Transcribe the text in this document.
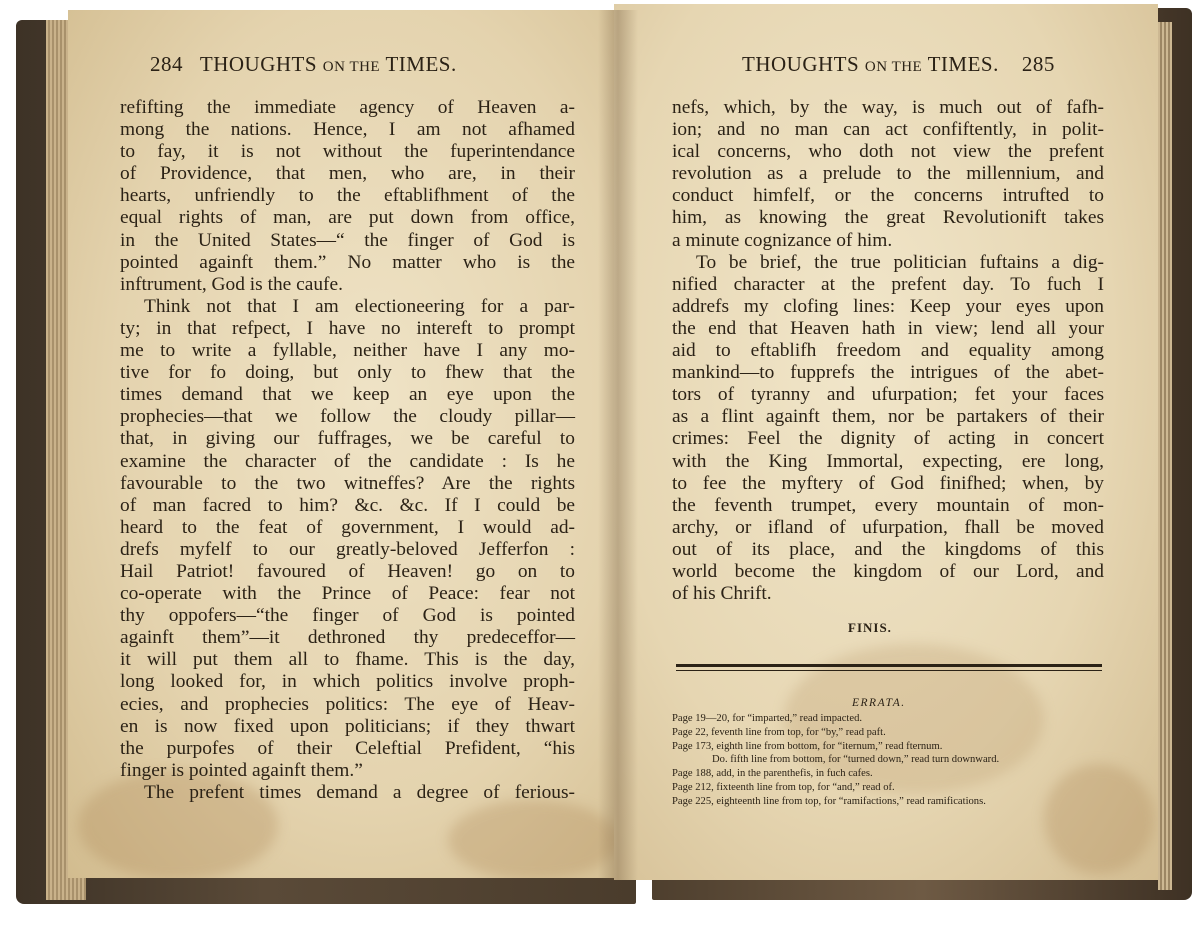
284 THOUGHTS ON THE TIMES.	THOUGHTS ON THE TIMES. 285
refifting the immediate agency of Heaven a-
mong the nations. Hence, I am not afhamed
to fay, it is not without the fuperintendance
of Providence, that men, who are, in their
hearts, unfriendly to the eftablifhment of the
equal rights of man, are put down from office,
in the United States—“ the finger of God is
pointed againft them.” No matter who is the
inftrument, God is the caufe.
Think not that I am electioneering for a par-
ty; in that refpect, I have no intereft to prompt
me to write a fyllable, neither have I any mo-
tive for fo doing, but only to fhew that the
times demand that we keep an eye upon the
prophecies—that we follow the cloudy pillar—
that, in giving our fuffrages, we be careful to
examine the character of the candidate : Is he
favourable to the two witneffes? Are the rights
of man facred to him? &c. &c. If I could be
heard to the feat of government, I would ad-
drefs myfelf to our greatly-beloved Jefferfon :
Hail Patriot! favoured of Heaven! go on to
co-operate with the Prince of Peace: fear not
thy oppofers—“the finger of God is pointed
againft them”—it dethroned thy predeceffor—
it will put them all to fhame. This is the day,
long looked for, in which politics involve proph-
ecies, and prophecies politics: The eye of Heav-
en is now fixed upon politicians; if they thwart
the purpofes of their Celeftial Prefident, “his
finger is pointed againft them.”
The prefent times demand a degree of ferious-
nefs, which, by the way, is much out of fafh-
ion; and no man can act confiftently, in polit-
ical concerns, who doth not view the prefent
revolution as a prelude to the millennium, and
conduct himfelf, or the concerns intrufted to
him, as knowing the great Revolutionift takes
a minute cognizance of him.
To be brief, the true politician fuftains a dig-
nified character at the prefent day. To fuch I
addrefs my clofing lines: Keep your eyes upon
the end that Heaven hath in view; lend all your
aid to eftablifh freedom and equality among
mankind—to fupprefs the intrigues of the abet-
tors of tyranny and ufurpation; fet your faces
as a flint againft them, nor be partakers of their
crimes: Feel the dignity of acting in concert
with the King Immortal, expecting, ere long,
to fee the myftery of God finifhed; when, by
the feventh trumpet, every mountain of mon-
archy, or ifland of ufurpation, fhall be moved
out of its place, and the kingdoms of this
world become the kingdom of our Lord, and
of his Chrift.
FINIS.
ERRATA.
Page 19—20, for “imparted,” read impacted.
Page 22, feventh line from top, for “by,” read paft.
Page 173, eighth line from bottom, for “iternum,” read fternum.
Do. fifth line from bottom, for “turned down,” read turn downward.
Page 188, add, in the parenthefis, in fuch cafes.
Page 212, fixteenth line from top, for “and,” read of.
Page 225, eighteenth line from top, for “ramifactions,” read ramifications.
